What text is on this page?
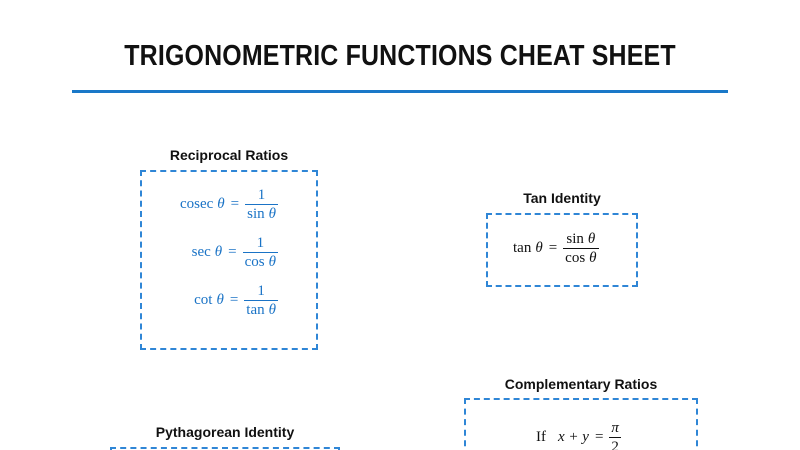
TRIGONOMETRIC FUNCTIONS CHEAT SHEET
Reciprocal Ratios
cosec $\theta = \frac{1}{\text{sin θ}}$
$\sec \theta = \frac{1}{\text{cos θ}}$
$\cot \theta = \frac{1}{\text{tan θ}}$
Tan Identity
$\tan \theta = \frac{\text{sin θ}}{\text{cos θ}}$
Complementary Ratios
If $x + y = \frac{\pi}{2}$
Pythagorean Identity
